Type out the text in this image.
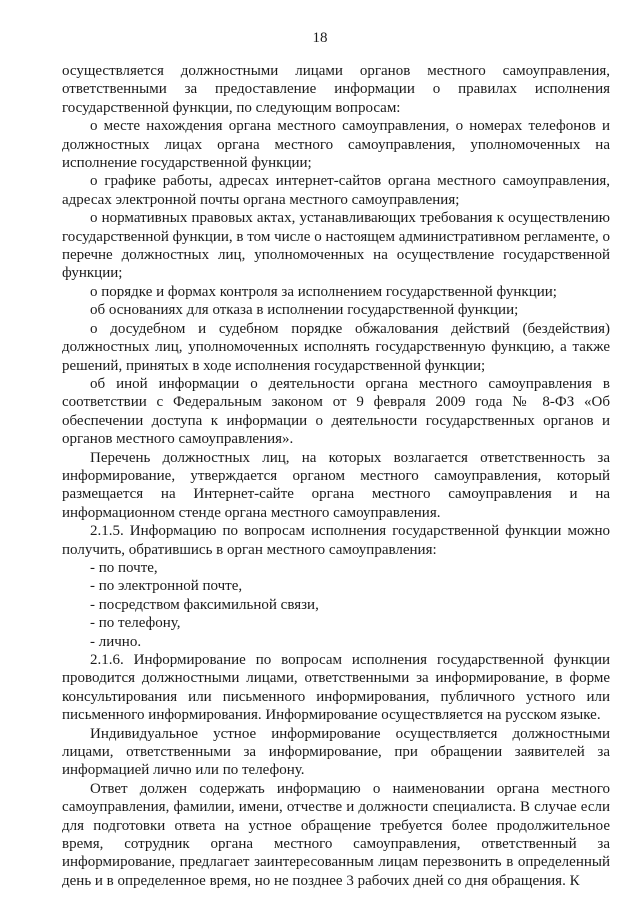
18

осуществляется должностными лицами органов местного самоуправления, ответственными за предоставление информации о правилах исполнения государственной функции, по следующим вопросам:

о месте нахождения органа местного самоуправления, о номерах телефонов и должностных лицах органа местного самоуправления, уполномоченных на исполнение государственной функции;

о графике работы, адресах интернет-сайтов органа местного самоуправления, адресах электронной почты органа местного самоуправления;

о нормативных правовых актах, устанавливающих требования к осуществлению государственной функции, в том числе о настоящем административном регламенте, о перечне должностных лиц, уполномоченных на осуществление государственной функции;

о порядке и формах контроля за исполнением государственной функции;

об основаниях для отказа в исполнении государственной функции;

о досудебном и судебном порядке обжалования действий (бездействия) должностных лиц, уполномоченных исполнять государственную функцию, а также решений, принятых в ходе исполнения государственной функции;

об иной информации о деятельности органа местного самоуправления в соответствии с Федеральным законом от 9 февраля 2009 года № 8-ФЗ «Об обеспечении доступа к информации о деятельности государственных органов и органов местного самоуправления».

Перечень должностных лиц, на которых возлагается ответственность за информирование, утверждается органом местного самоуправления, который размещается на Интернет-сайте органа местного самоуправления и на информационном стенде органа местного самоуправления.

2.1.5. Информацию по вопросам исполнения государственной функции можно получить, обратившись в орган местного самоуправления:

- по почте,

- по электронной почте,

- посредством факсимильной связи,

- по телефону,

- лично.

2.1.6. Информирование по вопросам исполнения государственной функции проводится должностными лицами, ответственными за информирование, в форме консультирования или письменного информирования, публичного устного или письменного информирования. Информирование осуществляется на русском языке.

Индивидуальное устное информирование осуществляется должностными лицами, ответственными за информирование, при обращении заявителей за информацией лично или по телефону.

Ответ должен содержать информацию о наименовании органа местного самоуправления, фамилии, имени, отчестве и должности специалиста. В случае если для подготовки ответа на устное обращение требуется более продолжительное время, сотрудник органа местного самоуправления, ответственный за информирование, предлагает заинтересованным лицам перезвонить в определенный день и в определенное время, но не позднее 3 рабочих дней со дня обращения. К
